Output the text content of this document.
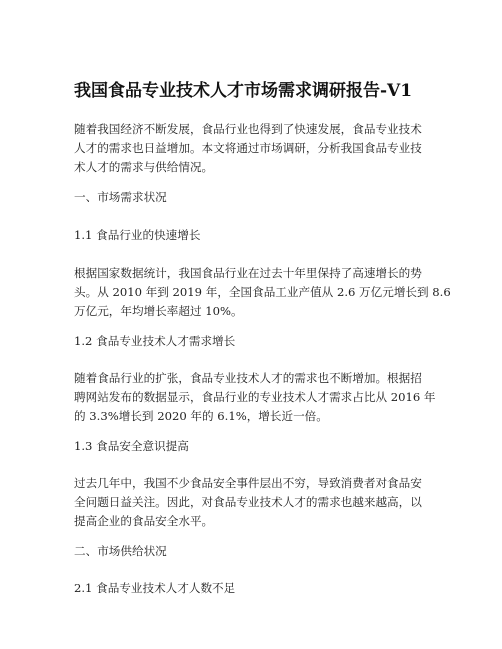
我国食品专业技术人才市场需求调研报告-V1

随着我国经济不断发展，食品行业也得到了快速发展，食品专业技术

人才的需求也日益增加。本文将通过市场调研，分析我国食品专业技

术人才的需求与供给情况。

一、市场需求状况
1.1 食品行业的快速增长

根据国家数据统计，我国食品行业在过去十年里保持了高速增长的势

头。从 2010 年到 2019 年，全国食品工业产值从 2.6 万亿元增长到 8.6

万亿元，年均增长率超过 10%。

1.2 食品专业技术人才需求增长

随着食品行业的扩张，食品专业技术人才的需求也不断增加。根据招

聘网站发布的数据显示，食品行业的专业技术人才需求占比从 2016 年

的 3.3%增长到 2020 年的 6.1%，增长近一倍。

1.3 食品安全意识提高

过去几年中，我国不少食品安全事件层出不穷，导致消费者对食品安

全问题日益关注。因此，对食品专业技术人才的需求也越来越高，以

提高企业的食品安全水平。

二、市场供给状况
2.1 食品专业技术人才人数不足
